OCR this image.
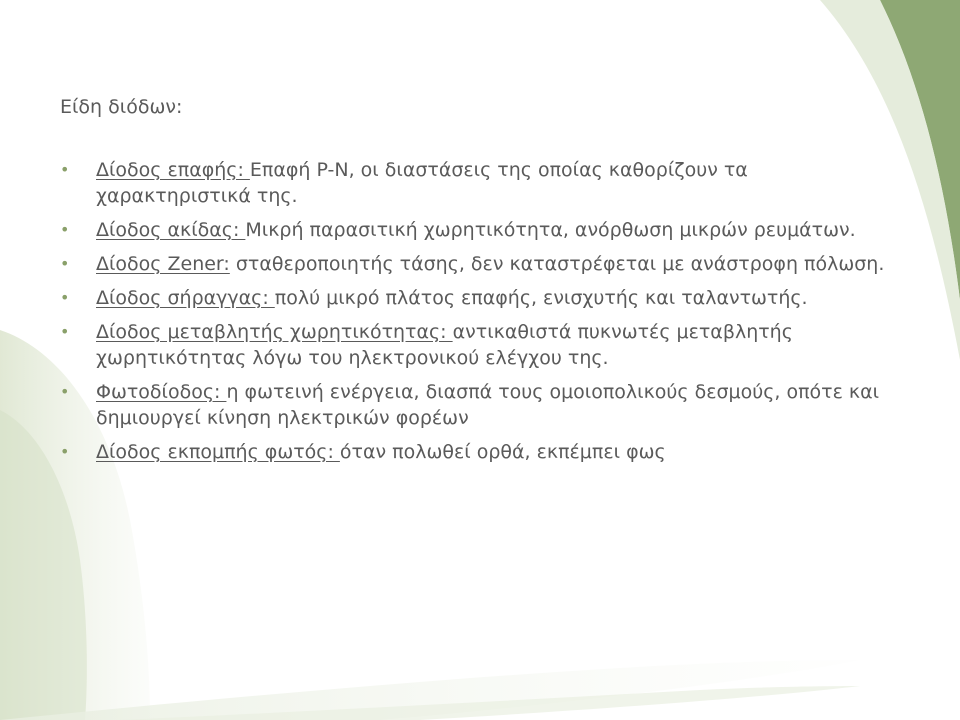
Είδη διόδων:
• Δίοδος επαφής: Επαφή P-N, οι διαστάσεις της οποίας καθορίζουν τα χαρακτηριστικά της.
• Δίοδος ακίδας: Μικρή παρασιτική χωρητικότητα, ανόρθωση μικρών ρευμάτων.
• Δίοδος Zener: σταθεροποιητής τάσης, δεν καταστρέφεται με ανάστροφη πόλωση.
• Δίοδος σήραγγας: πολύ μικρό πλάτος επαφής, ενισχυτής και ταλαντωτής.
• Δίοδος μεταβλητής χωρητικότητας: αντικαθιστά πυκνωτές μεταβλητής χωρητικότητας λόγω του ηλεκτρονικού ελέγχου της.
• Φωτοδίοδος: η φωτεινή ενέργεια, διασπά τους ομοιοπολικούς δεσμούς, οπότε και δημιουργεί κίνηση ηλεκτρικών φορέων
• Δίοδος εκπομπής φωτός: όταν πολωθεί ορθά, εκπέμπει φως
